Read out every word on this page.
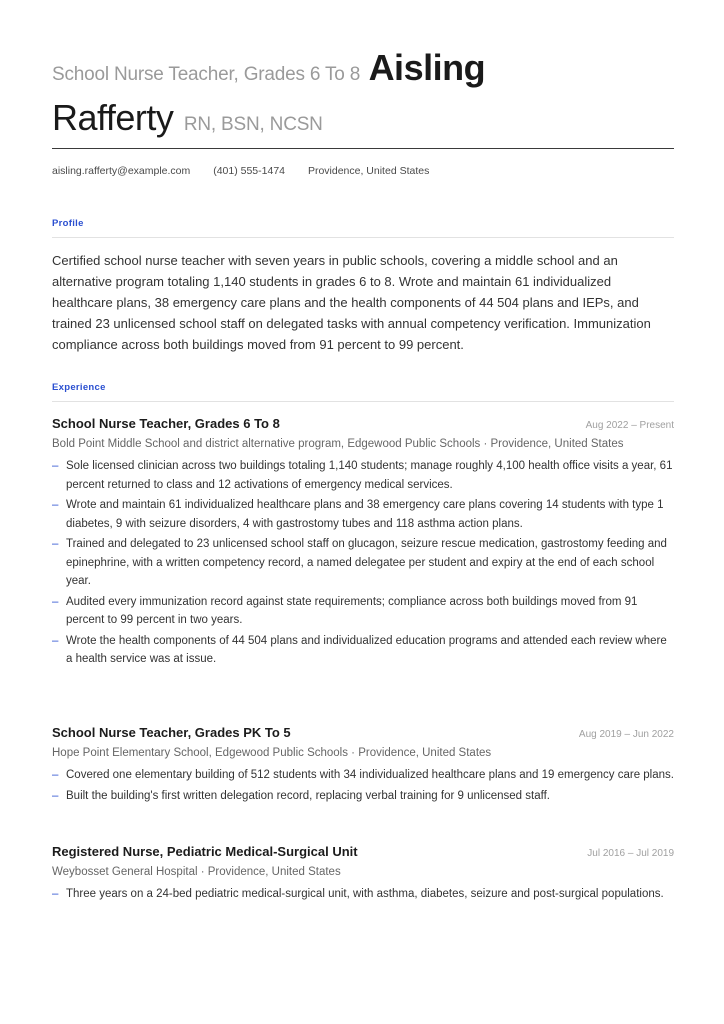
School Nurse Teacher, Grades 6 To 8 Aisling
Rafferty RN, BSN, NCSN
aisling.rafferty@example.com (401) 555-1474 Providence, United States
Profile
Certified school nurse teacher with seven years in public schools, covering a middle school and an alternative program totaling 1,140 students in grades 6 to 8. Wrote and maintain 61 individualized healthcare plans, 38 emergency care plans and the health components of 44 504 plans and IEPs, and trained 23 unlicensed school staff on delegated tasks with annual competency verification. Immunization compliance across both buildings moved from 91 percent to 99 percent.
Experience
School Nurse Teacher, Grades 6 To 8	Aug 2022 – Present
Bold Point Middle School and district alternative program, Edgewood Public Schools · Providence, United States
– Sole licensed clinician across two buildings totaling 1,140 students; manage roughly 4,100 health office visits a year, 61 percent returned to class and 12 activations of emergency medical services.
– Wrote and maintain 61 individualized healthcare plans and 38 emergency care plans covering 14 students with type 1 diabetes, 9 with seizure disorders, 4 with gastrostomy tubes and 118 asthma action plans.
– Trained and delegated to 23 unlicensed school staff on glucagon, seizure rescue medication, gastrostomy feeding and epinephrine, with a written competency record, a named delegatee per student and expiry at the end of each school year.
– Audited every immunization record against state requirements; compliance across both buildings moved from 91 percent to 99 percent in two years.
– Wrote the health components of 44 504 plans and individualized education programs and attended each review where a health service was at issue.
School Nurse Teacher, Grades PK To 5	Aug 2019 – Jun 2022
Hope Point Elementary School, Edgewood Public Schools · Providence, United States
– Covered one elementary building of 512 students with 34 individualized healthcare plans and 19 emergency care plans.
– Built the building's first written delegation record, replacing verbal training for 9 unlicensed staff.
Registered Nurse, Pediatric Medical-Surgical Unit	Jul 2016 – Jul 2019
Weybosset General Hospital · Providence, United States
– Three years on a 24-bed pediatric medical-surgical unit, with asthma, diabetes, seizure and post-surgical populations.
